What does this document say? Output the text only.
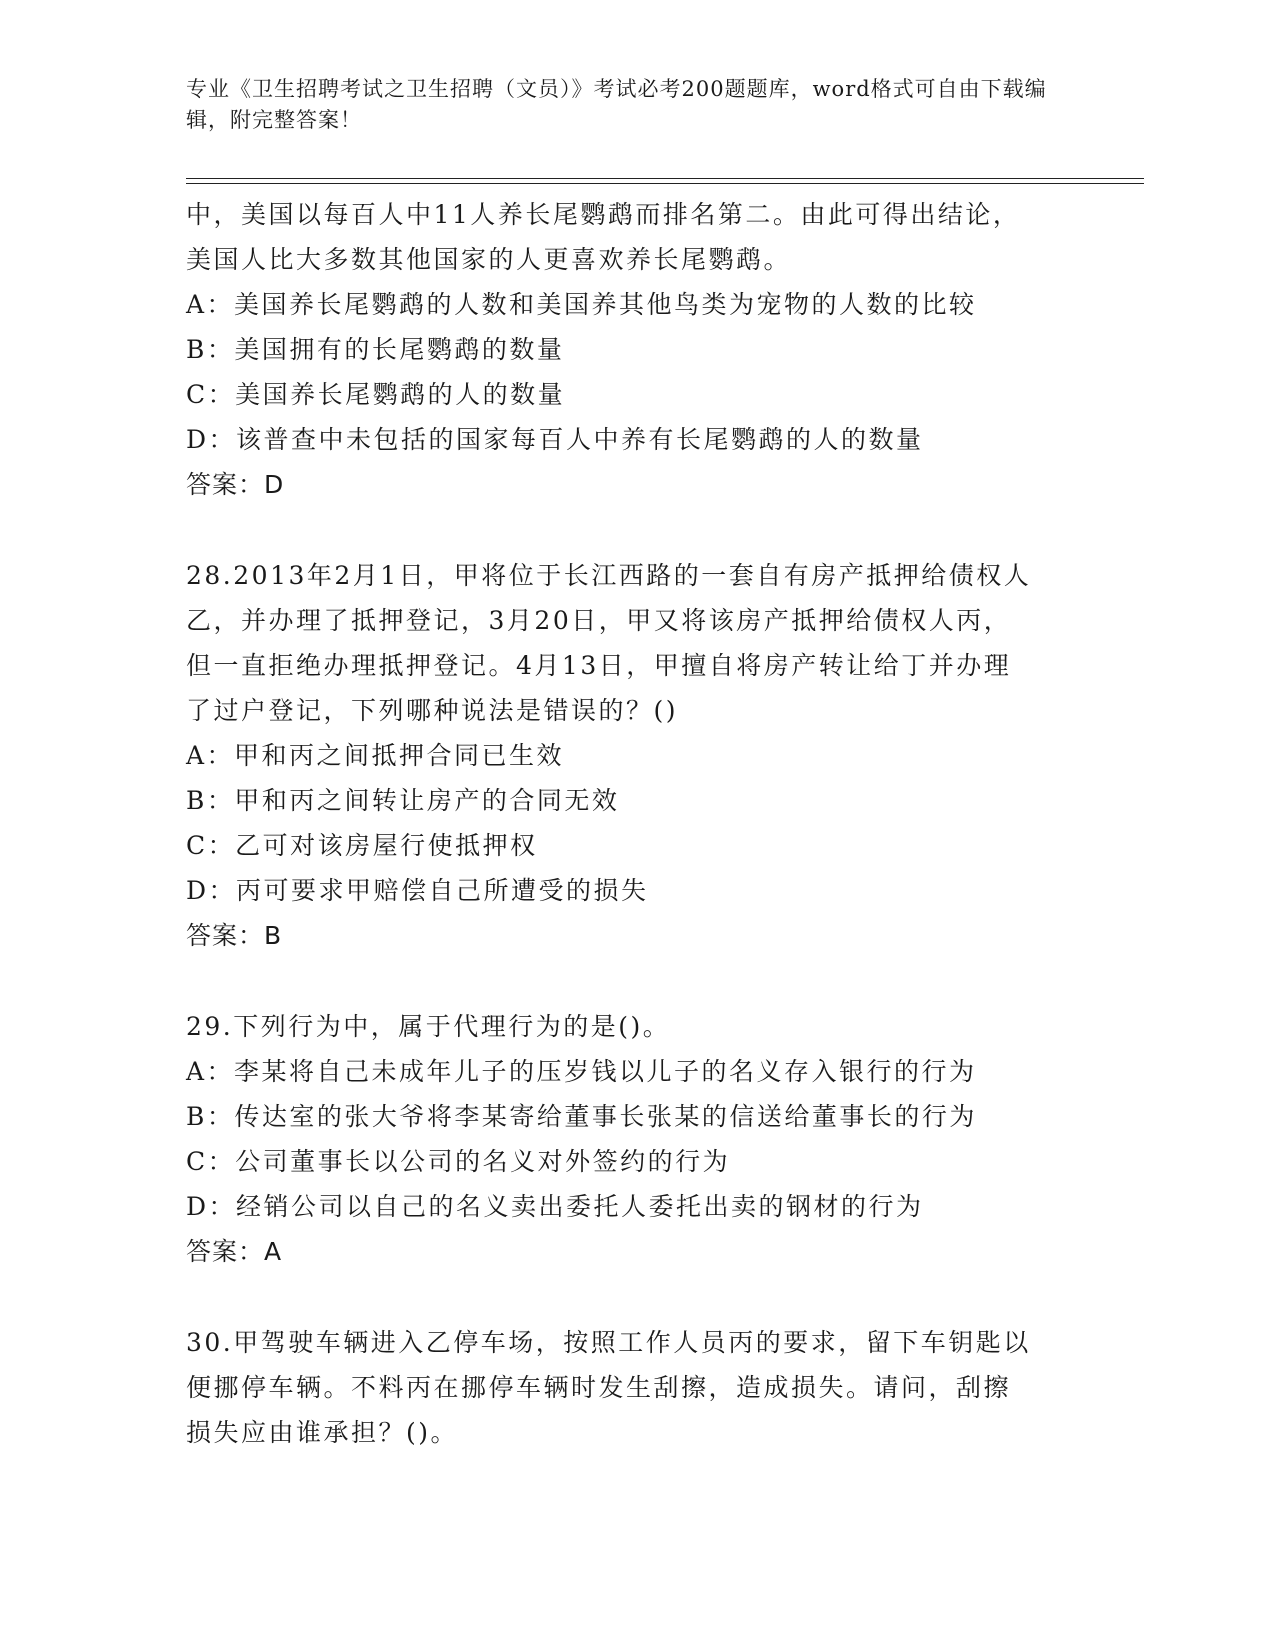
专业《卫生招聘考试之卫生招聘（文员）》考试必考200题题库，word格式可自由下载编辑，附完整答案！
中，美国以每百人中11人养长尾鹦鹉而排名第二。由此可得出结论，
美国人比大多数其他国家的人更喜欢养长尾鹦鹉。
A：美国养长尾鹦鹉的人数和美国养其他鸟类为宠物的人数的比较
B：美国拥有的长尾鹦鹉的数量
C：美国养长尾鹦鹉的人的数量
D：该普查中未包括的国家每百人中养有长尾鹦鹉的人的数量
答案：D
28.2013年2月1日，甲将位于长江西路的一套自有房产抵押给债权人
乙，并办理了抵押登记，3月20日，甲又将该房产抵押给债权人丙，
但一直拒绝办理抵押登记。4月13日，甲擅自将房产转让给丁并办理
了过户登记，下列哪种说法是错误的？()
A：甲和丙之间抵押合同已生效
B：甲和丙之间转让房产的合同无效
C：乙可对该房屋行使抵押权
D：丙可要求甲赔偿自己所遭受的损失
答案：B
29.下列行为中，属于代理行为的是()。
A：李某将自己未成年儿子的压岁钱以儿子的名义存入银行的行为
B：传达室的张大爷将李某寄给董事长张某的信送给董事长的行为
C：公司董事长以公司的名义对外签约的行为
D：经销公司以自己的名义卖出委托人委托出卖的钢材的行为
答案：A
30.甲驾驶车辆进入乙停车场，按照工作人员丙的要求，留下车钥匙以
便挪停车辆。不料丙在挪停车辆时发生刮擦，造成损失。请问，刮擦
损失应由谁承担？()。
